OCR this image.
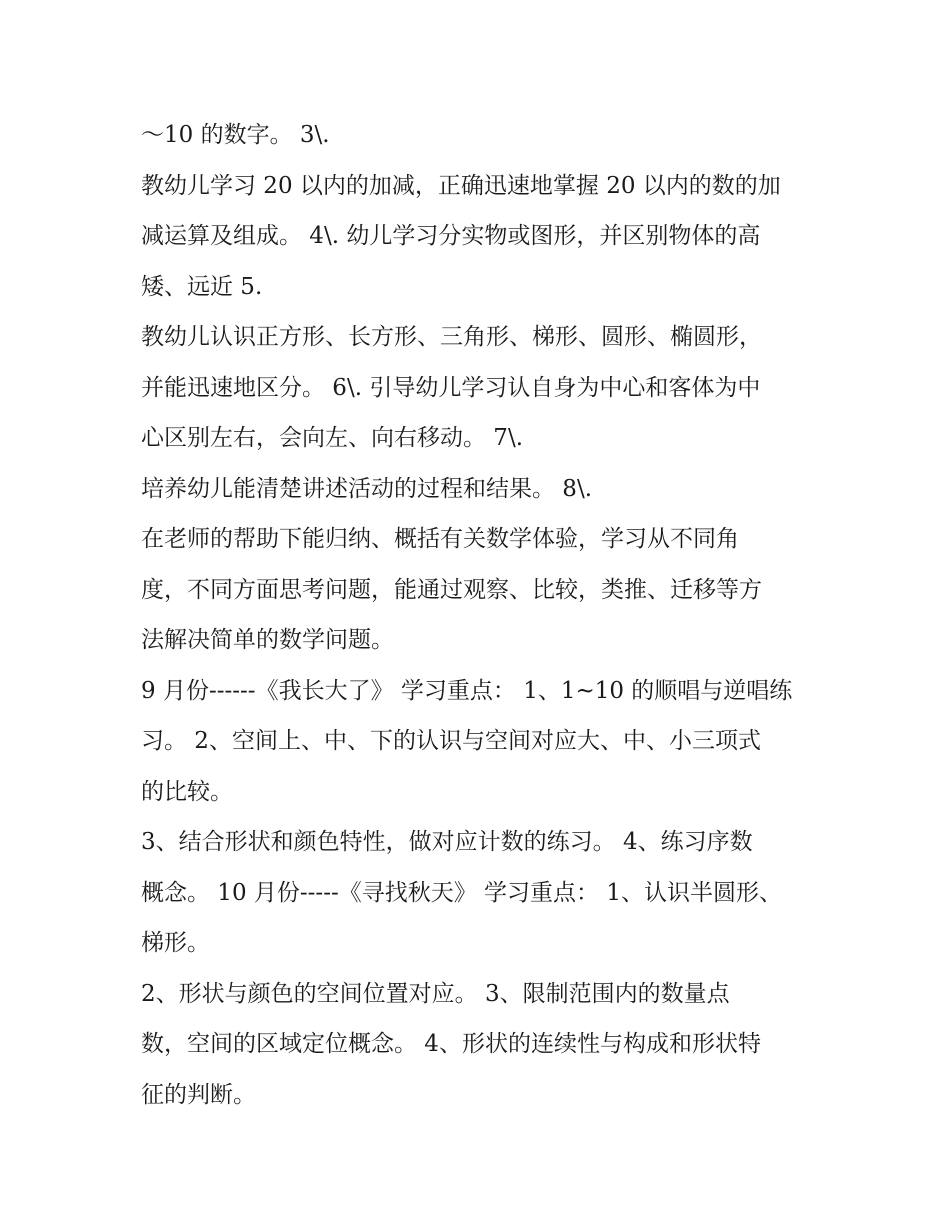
～10 的数字。 3\.
教幼儿学习 20 以内的加减，正确迅速地掌握 20 以内的数的加
减运算及组成。 4\. 幼儿学习分实物或图形，并区别物体的高
矮、远近 5.
教幼儿认识正方形、长方形、三角形、梯形、圆形、椭圆形，
并能迅速地区分。 6\. 引导幼儿学习认自身为中心和客体为中
心区别左右，会向左、向右移动。 7\.
培养幼儿能清楚讲述活动的过程和结果。 8\.
在老师的帮助下能归纳、概括有关数学体验，学习从不同角
度，不同方面思考问题，能通过观察、比较，类推、迁移等方
法解决简单的数学问题。
9 月份------《我长大了》 学习重点： 1、1~10 的顺唱与逆唱练
习。 2、空间上、中、下的认识与空间对应大、中、小三项式
的比较。
3、结合形状和颜色特性，做对应计数的练习。 4、练习序数
概念。 10 月份-----《寻找秋天》 学习重点： 1、认识半圆形、
梯形。
2、形状与颜色的空间位置对应。 3、限制范围内的数量点
数，空间的区域定位概念。 4、形状的连续性与构成和形状特
征的判断。
